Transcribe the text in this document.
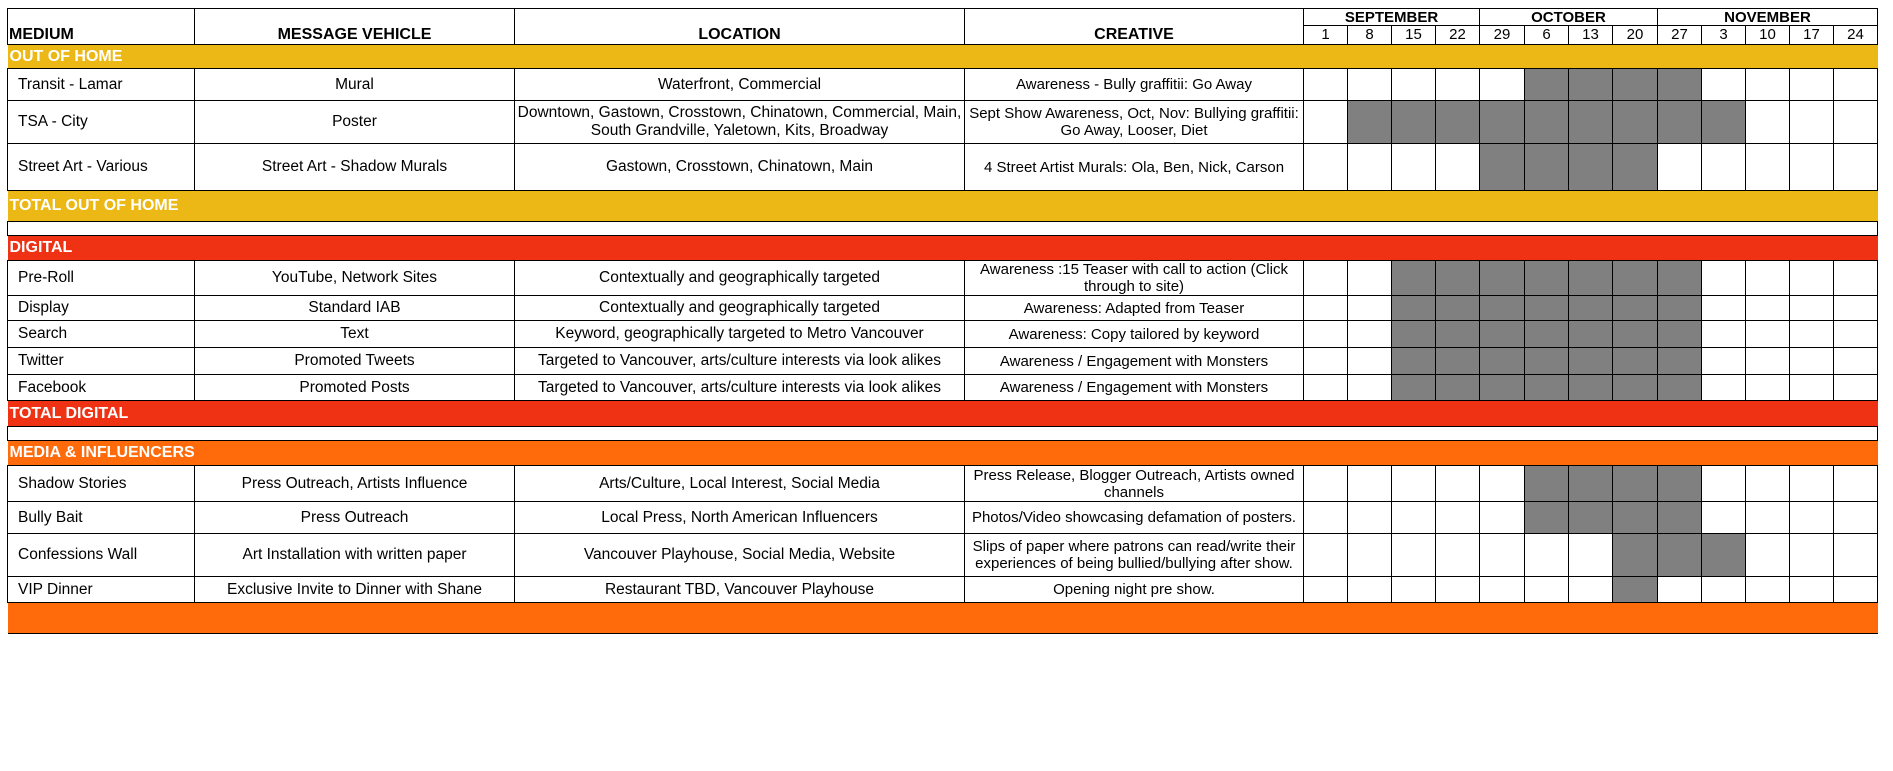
MEDIUM	MESSAGE VEHICLE	LOCATION	CREATIVE	SEPTEMBER				OCTOBER				NOVEMBER				
				1	8	15	22	29	6	13	20	27	3	10	17	24
OUT OF HOME																
Transit - Lamar	Mural	Waterfront, Commercial	Awareness - Bully graffitii: Go Away													
TSA - City	Poster	Downtown, Gastown, Crosstown, Chinatown, Commercial, Main, South Grandville, Yaletown, Kits, Broadway	Sept Show Awareness, Oct, Nov: Bullying graffitii: Go Away, Looser, Diet													
Street Art - Various	Street Art - Shadow Murals	Gastown, Crosstown, Chinatown, Main	4 Street Artist Murals: Ola, Ben, Nick, Carson													
TOTAL OUT OF HOME																

DIGITAL																
Pre-Roll	YouTube, Network Sites	Contextually and geographically targeted	Awareness :15 Teaser with call to action (Click through to site)													
Display	Standard IAB	Contextually and geographically targeted	Awareness: Adapted from Teaser													
Search	Text	Keyword, geographically targeted to Metro Vancouver	Awareness: Copy tailored by keyword													
Twitter	Promoted Tweets	Targeted to Vancouver, arts/culture interests via look alikes	Awareness / Engagement with Monsters													
Facebook	Promoted Posts	Targeted to Vancouver, arts/culture interests via look alikes	Awareness / Engagement with Monsters													
TOTAL DIGITAL																

MEDIA & INFLUENCERS																
Shadow Stories	Press Outreach, Artists Influence	Arts/Culture, Local Interest, Social Media	Press Release, Blogger Outreach, Artists owned channels													
Bully Bait	Press Outreach	Local Press, North American Influencers	Photos/Video showcasing defamation of posters.													
Confessions Wall	Art Installation with written paper	Vancouver Playhouse, Social Media, Website	Slips of paper where patrons can read/write their experiences of being bullied/bullying after show.													
VIP Dinner	Exclusive Invite to Dinner with Shane	Restaurant TBD, Vancouver Playhouse	Opening night pre show.													
